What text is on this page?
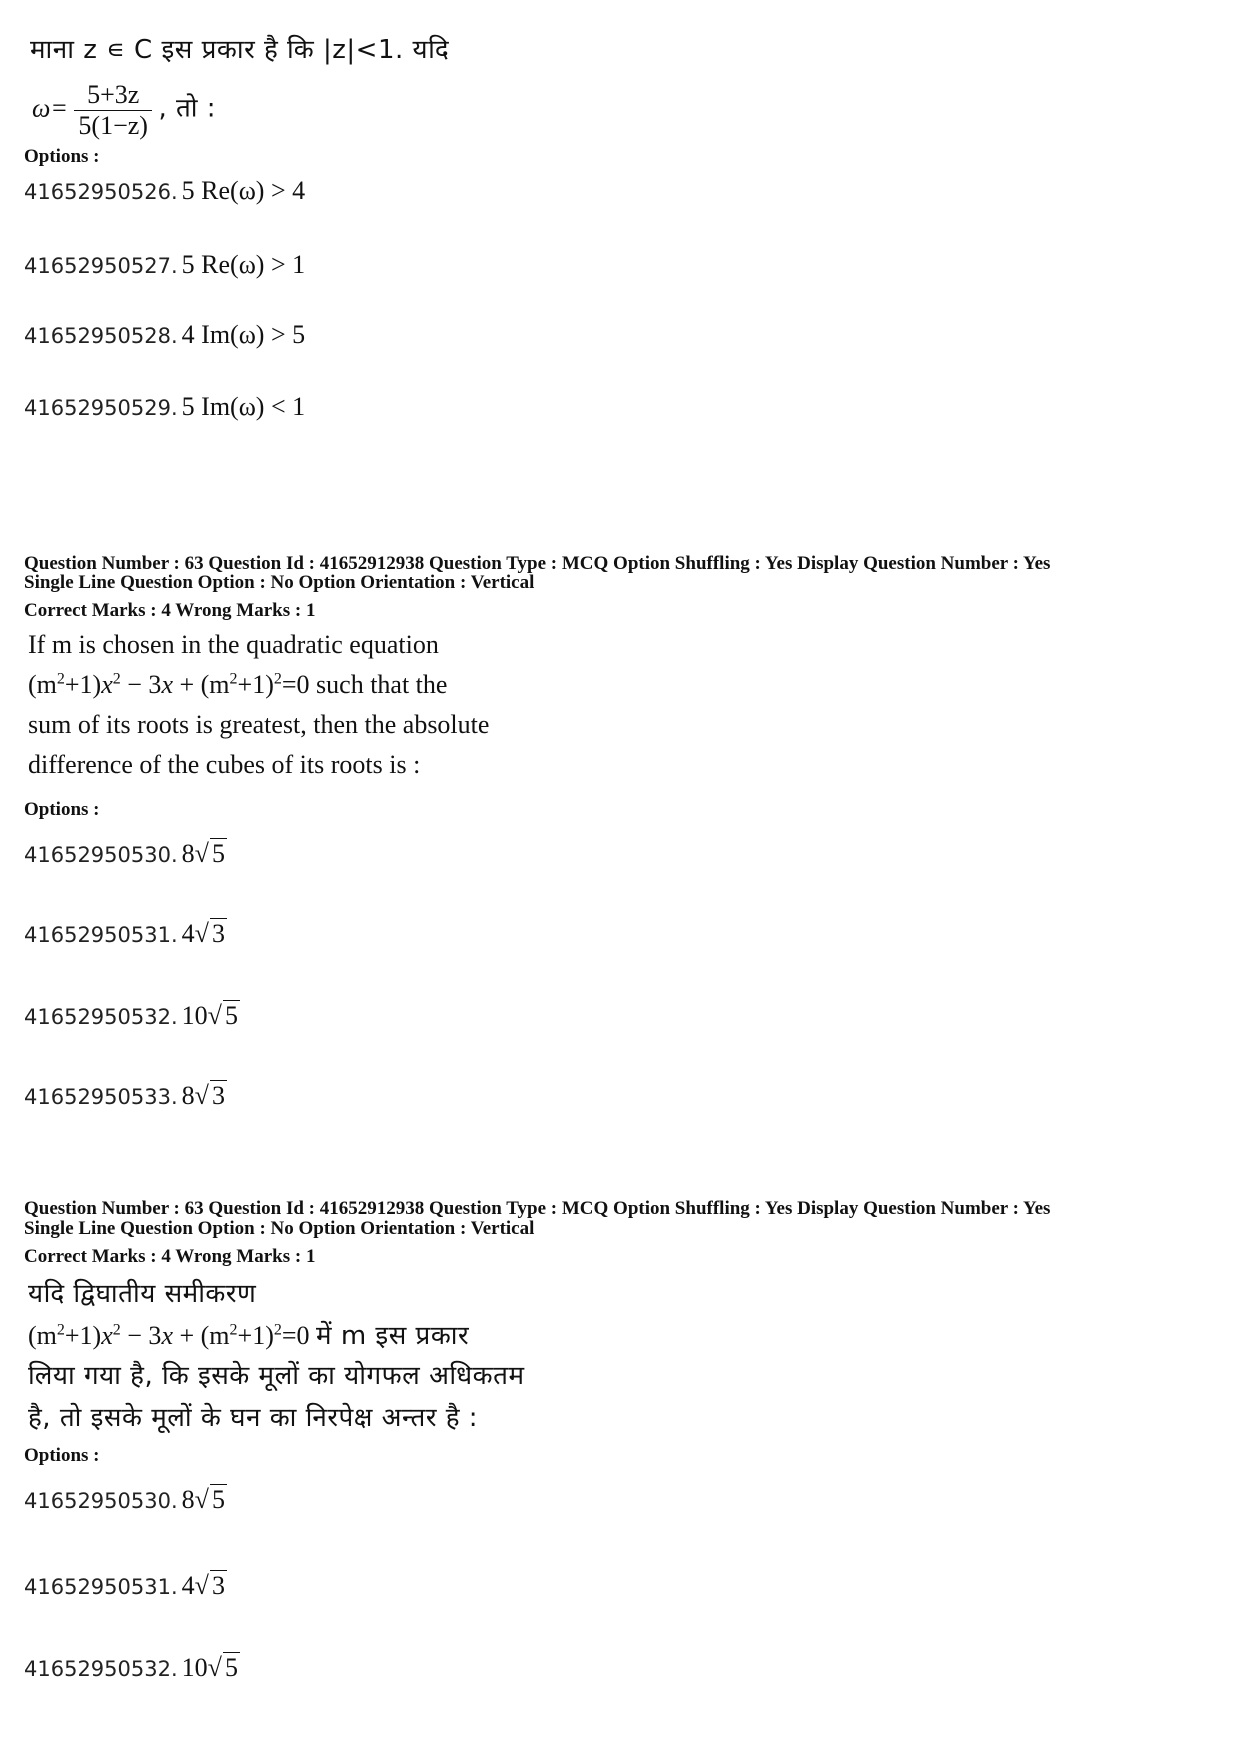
माना z ∊ C इस प्रकार है कि |z|<1. यदि
$\omega= \frac{5+3z}{5(1-z)}$ , तो :
Options :
41652950526. 5 Re(ω) > 4
41652950527. 5 Re(ω) > 1
41652950528. 4 Im(ω) > 5
41652950529. 5 Im(ω) < 1
Question Number : 63 Question Id : 41652912938 Question Type : MCQ Option Shuffling : Yes Display Question Number : Yes
Single Line Question Option : No Option Orientation : Vertical
Correct Marks : 4 Wrong Marks : 1
If m is chosen in the quadratic equation
$(m^2+1)x^2 - 3x + (m^2+1)^2=0$ such that the
sum of its roots is greatest, then the absolute
difference of the cubes of its roots is :
Options :
41652950530. 8√ 5
41652950531. 4√ 3
41652950532. 10√ 5
41652950533. 8√ 3
Question Number : 63 Question Id : 41652912938 Question Type : MCQ Option Shuffling : Yes Display Question Number : Yes
Single Line Question Option : No Option Orientation : Vertical
Correct Marks : 4 Wrong Marks : 1
यदि द्विघातीय समीकरण
$(m^2+1)x^2 - 3x + (m^2+1)^2=0$ में m इस प्रकार
लिया गया है, कि इसके मूलों का योगफल अधिकतम
है, तो इसके मूलों के घन का निरपेक्ष अन्तर है :
Options :
41652950530. 8√ 5
41652950531. 4√ 3
41652950532. 10√ 5
